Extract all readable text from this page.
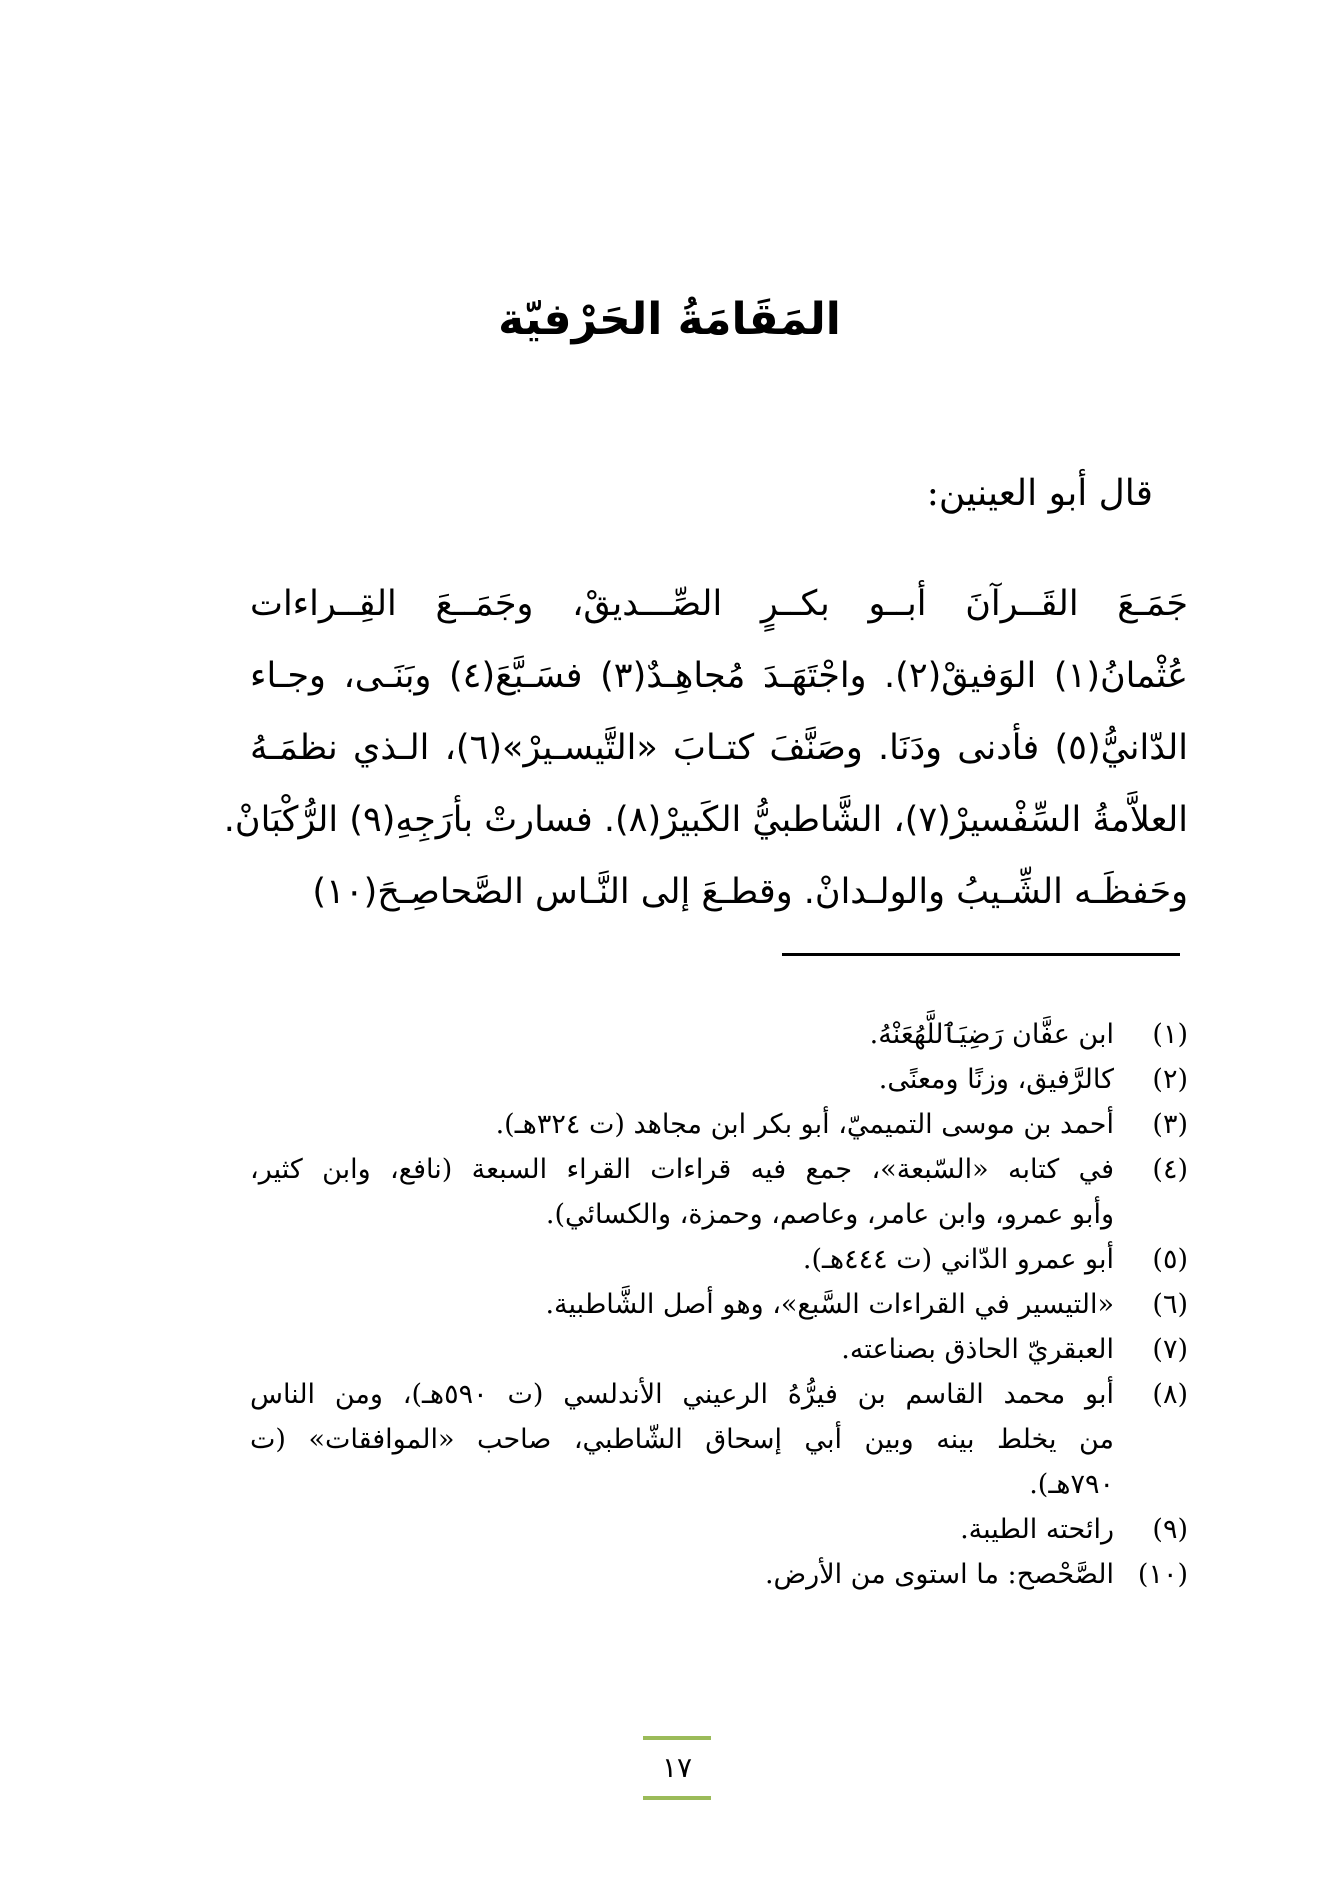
المَقَامَةُ الحَرْفيّة

قال أبو العينين:

جَمَـعَ القَــرآنَ أبــو بكــرٍ الصِّـــديقْ، وجَمَــعَ القِــراءات
عُثْمانُ(١) الوَفيقْ(٢). واجْتَهَـدَ مُجاهِـدٌ(٣) فسَـبَّعَ(٤) وبَنَـى، وجـاء
الدّانيُّ(٥) فأدنى ودَنَا. وصَنَّفَ كتـابَ «التَّيسـيرْ»(٦)، الـذي نظمَـهُ
العلاَّمةُ السِّفْسيرْ(٧)، الشَّاطبيُّ الكَبيرْ(٨). فسارتْ بأرَجِهِ(٩) الرُّكْبَانْ.
وحَفظَـه الشِّـيبُ والولـدانْ. وقطـعَ إلى النَّـاس الصَّحاصِـحَ(١٠)
(١)
ابن عفَّان رَضِيَٱللَّهُعَنْهُ.
(٢)
كالرَّفيق، وزنًا ومعنًى.
(٣)
أحمد بن موسى التميميّ، أبو بكر ابن مجاهد (ت ٣٢٤هـ).
(٤)
في كتابه «السّبعة»، جمع فيه قراءات القراء السبعة (نافع، وابن كثير،
وأبو عمرو، وابن عامر، وعاصم، وحمزة، والكسائي).
(٥)
أبو عمرو الدّاني (ت ٤٤٤هـ).
(٦)
«التيسير في القراءات السَّبع»، وهو أصل الشَّاطبية.
(٧)
العبقريّ الحاذق بصناعته.
(٨)
أبو محمد القاسم بن فيرُّهُ الرعيني الأندلسي (ت ٥٩٠هـ)، ومن الناس
من يخلط بينه وبين أبي إسحاق الشّاطبي، صاحب «الموافقات» (ت
٧٩٠هـ).
(٩)
رائحته الطيبة.
(١٠)
الصَّحْصح: ما استوى من الأرض.
١٧
